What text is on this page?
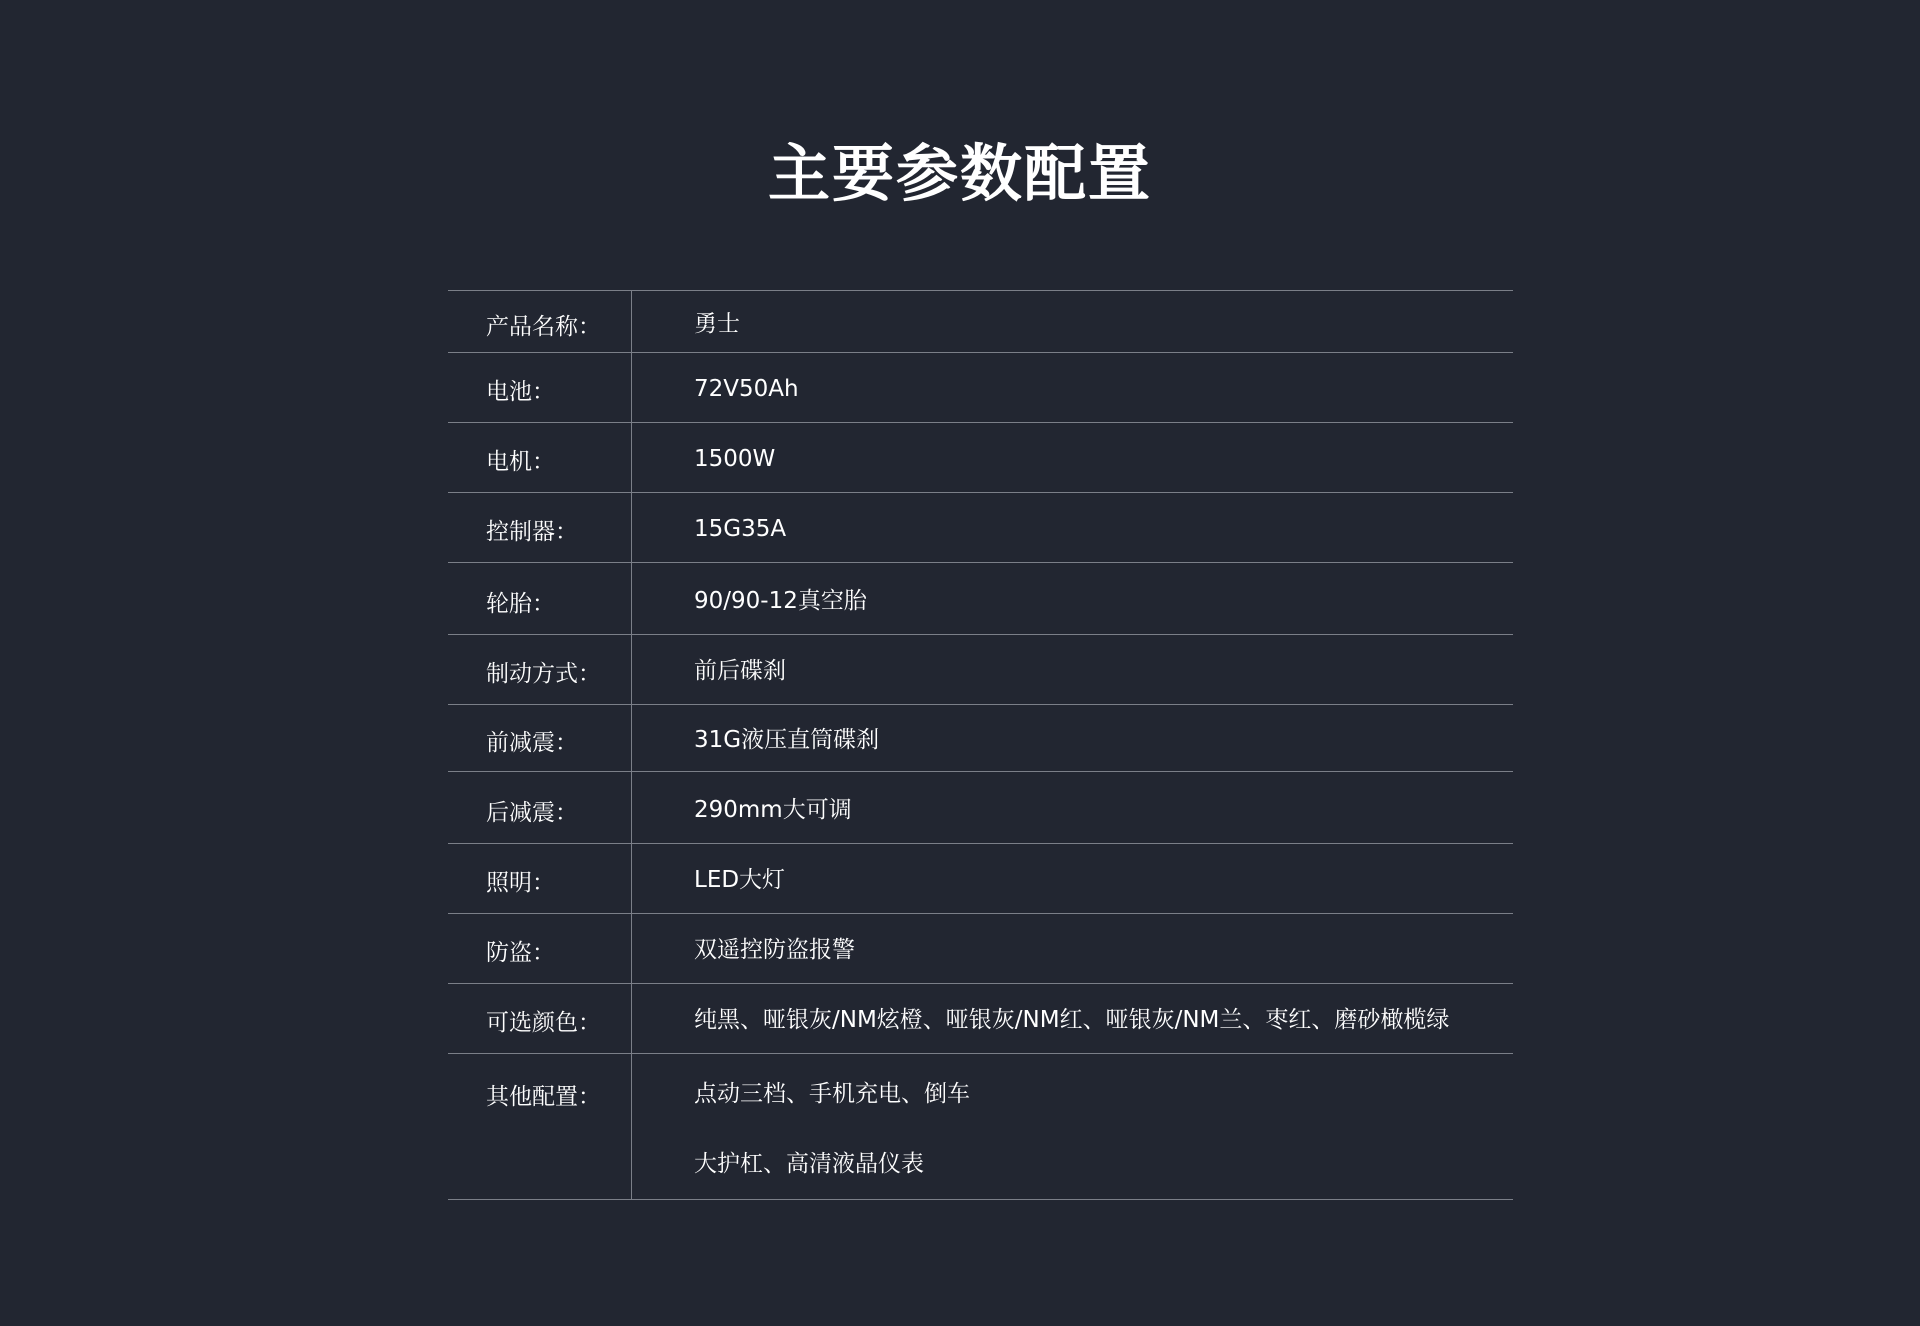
主要参数配置
产品名称：	勇士
电池：	72V50Ah
电机：	1500W
控制器：	15G35A
轮胎：	90/90-12真空胎
制动方式：	前后碟刹
前减震：	31G液压直筒碟刹
后减震：	290mm大可调
照明：	LED大灯
防盗：	双遥控防盗报警
可选颜色：	纯黑、哑银灰/NM炫橙、哑银灰/NM红、哑银灰/NM兰、枣红、磨砂橄榄绿
其他配置：	点动三档、手机充电、倒车
大护杠、高清液晶仪表
